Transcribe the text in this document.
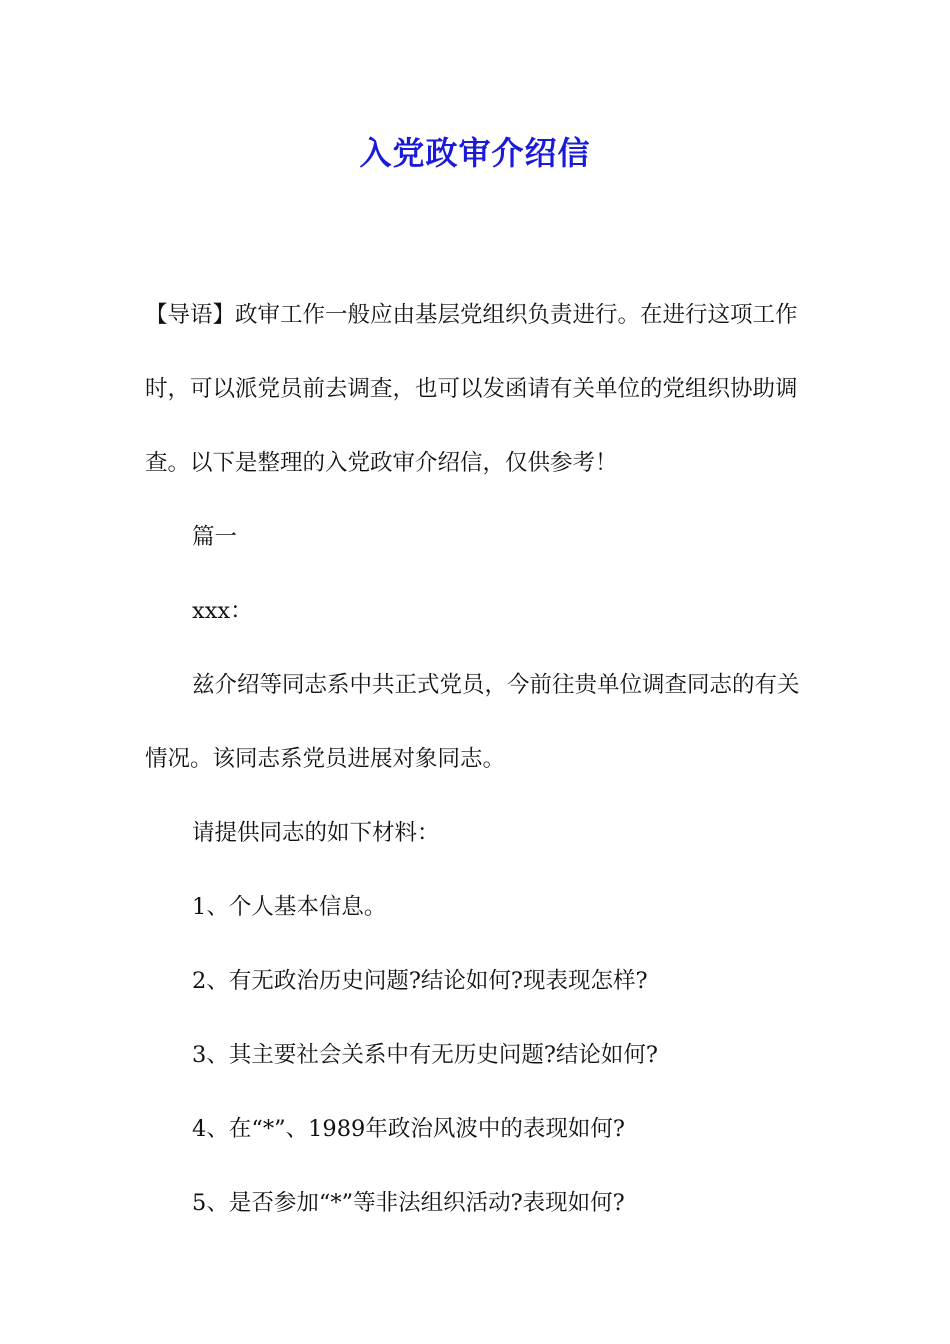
入党政审介绍信

【导语】政审工作一般应由基层党组织负责进行。在进行这项工作时，可以派党员前去调查，也可以发函请有关单位的党组织协助调查。以下是整理的入党政审介绍信，仅供参考！

篇一

xxx：

兹介绍等同志系中共正式党员，今前往贵单位调查同志的有关情况。该同志系党员进展对象同志。

请提供同志的如下材料：

1、个人基本信息。

2、有无政治历史问题?结论如何?现表现怎样?

3、其主要社会关系中有无历史问题?结论如何?

4、在“*”、1989年政治风波中的表现如何?

5、是否参加“*”等非法组织活动?表现如何?
